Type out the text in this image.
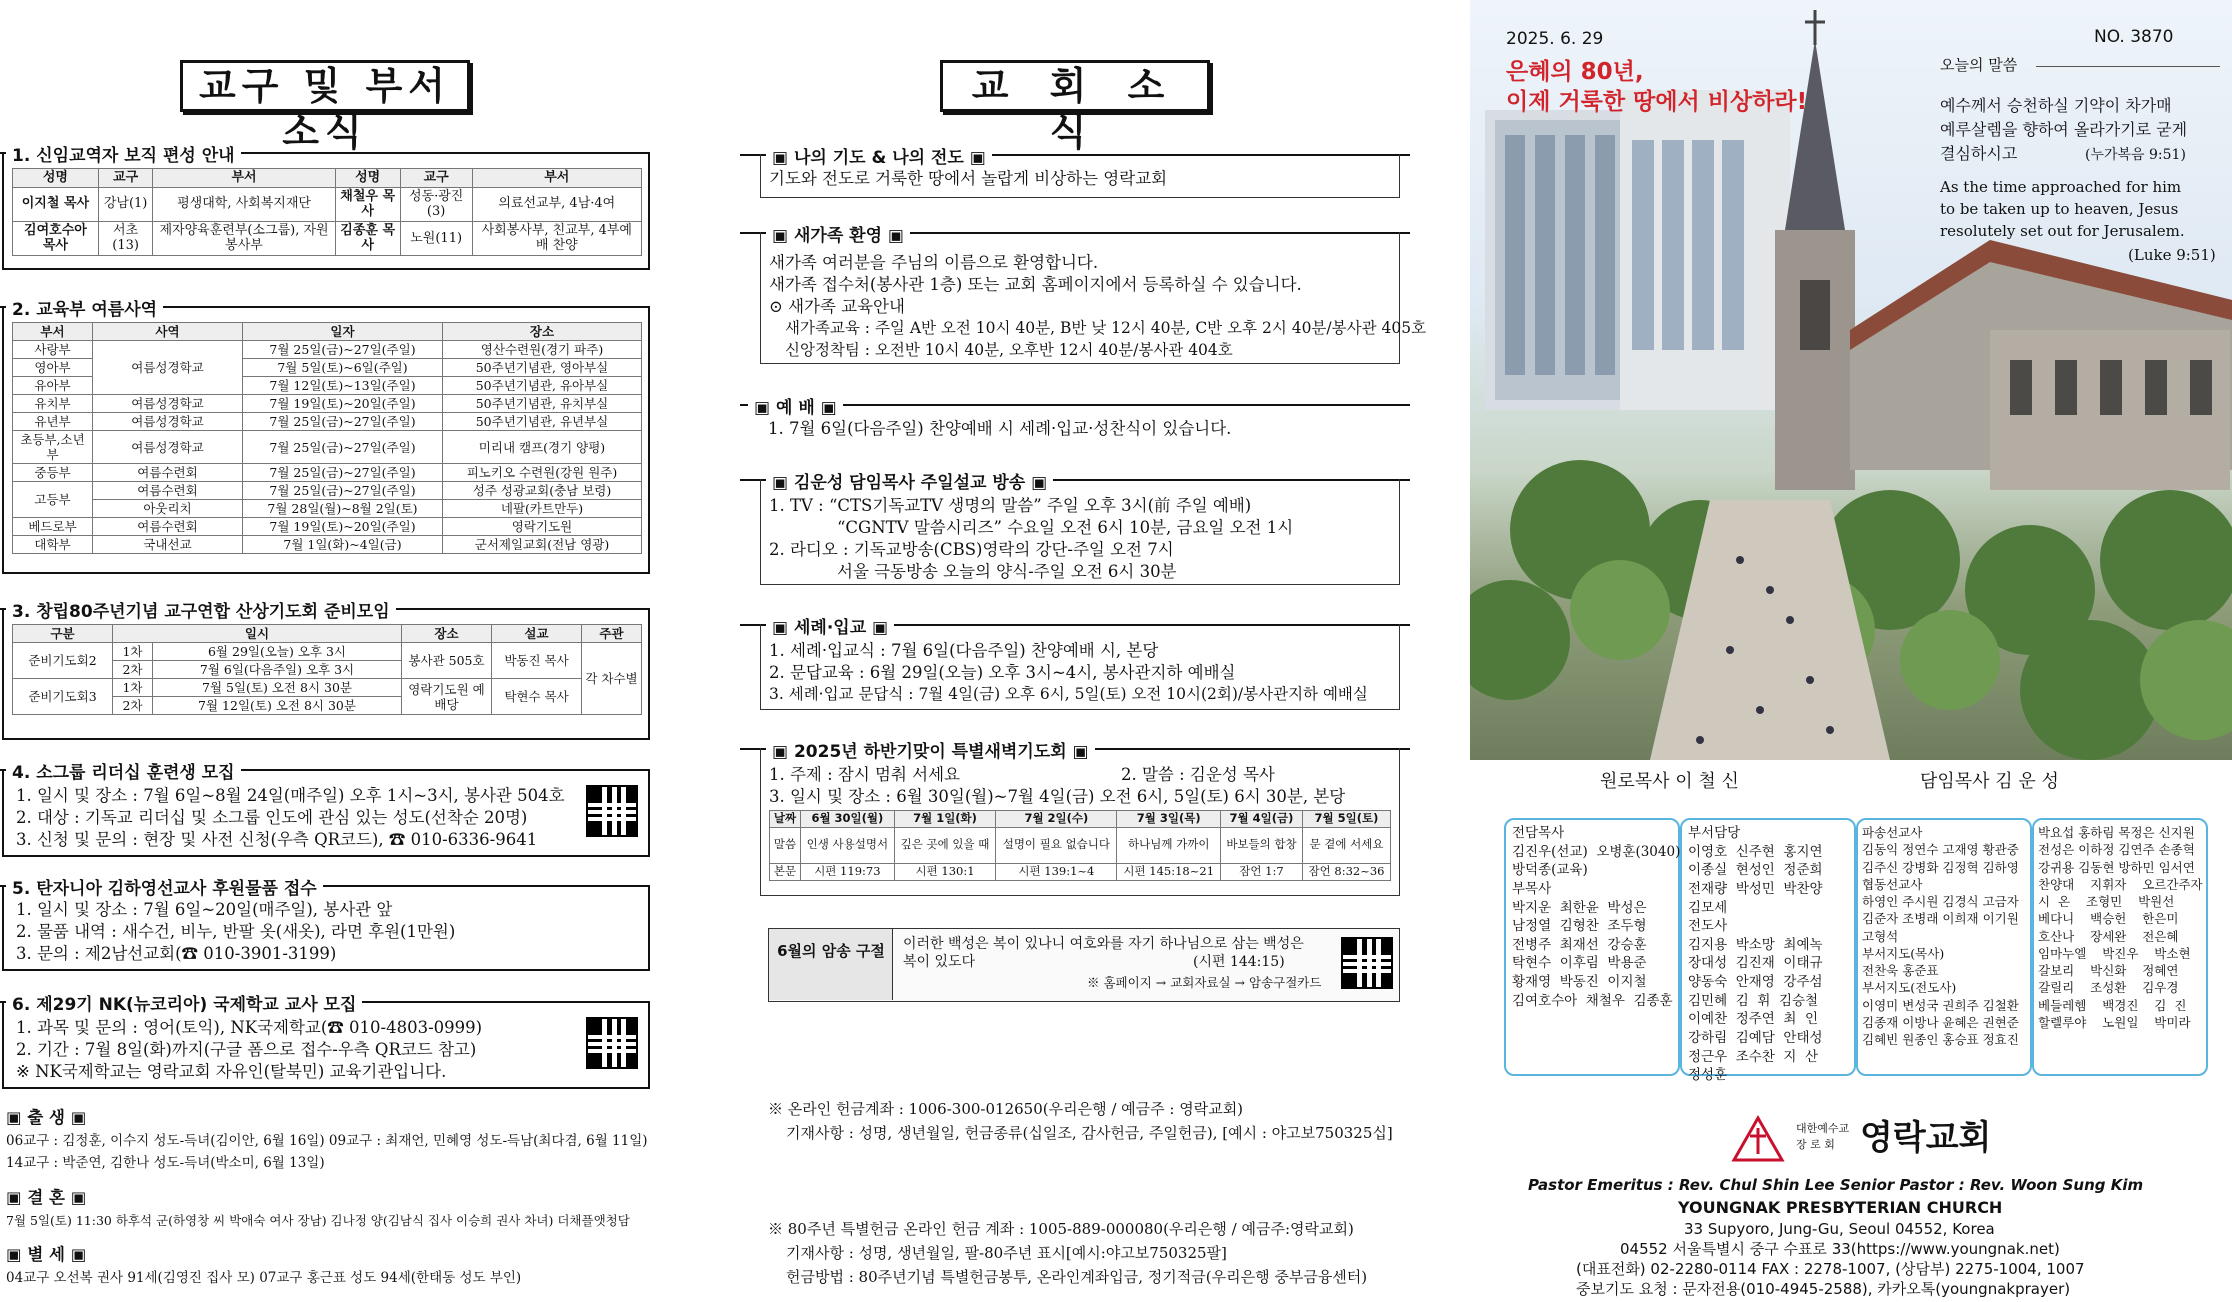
교구 및 부서소식
1. 신임교역자 보직 편성 안내
성명	교구	부서	성명	교구	부서
이지철 목사	강남(1)	평생대학, 사회복지재단	채철우 목사	성동·광진(3)	의료선교부, 4남·4여
김여호수아 목사	서초(13)	제자양육훈련부(소그룹), 자원봉사부	김종훈 목사	노원(11)	사회봉사부, 친교부, 4부예배 찬양
2. 교육부 여름사역
부서	사역	일자	장소
사랑부	여름성경학교	7월 25일(금)~27일(주일)	영산수련원(경기 파주)
영아부		7월 5일(토)~6일(주일)	50주년기념관, 영아부실
유아부		7월 12일(토)~13일(주일)	50주년기념관, 유아부실
유치부	여름성경학교	7월 19일(토)~20일(주일)	50주년기념관, 유치부실
유년부	여름성경학교	7월 25일(금)~27일(주일)	50주년기념관, 유년부실
초등부,소년부	여름성경학교	7월 25일(금)~27일(주일)	미리내 캠프(경기 양평)
중등부	여름수련회	7월 25일(금)~27일(주일)	피노키오 수련원(강원 원주)
고등부	여름수련회	7월 25일(금)~27일(주일)	성주 성광교회(충남 보령)
	아웃리치	7월 28일(월)~8월 2일(토)	네팔(카트만두)
베드로부	여름수련회	7월 19일(토)~20일(주일)	영락기도원
대학부	국내선교	7월 1일(화)~4일(금)	군서제일교회(전남 영광)
3. 창립80주년기념 교구연합 산상기도회 준비모임
구분	일시		장소	설교	주관
준비기도회2	1차	6월 29일(오늘) 오후 3시	봉사관 505호	박동진 목사	각 차수별
	2차	7월 6일(다음주일) 오후 3시			
준비기도회3	1차	7월 5일(토) 오전 8시 30분	영락기도원 예배당	탁현수 목사	
	2차	7월 12일(토) 오전 8시 30분			
4. 소그룹 리더십 훈련생 모집
1. 일시 및 장소 : 7월 6일~8월 24일(매주일) 오후 1시~3시, 봉사관 504호
2. 대상 : 기독교 리더십 및 소그룹 인도에 관심 있는 성도(선착순 20명)
3. 신청 및 문의 : 현장 및 사전 신청(우측 QR코드), ☎ 010-6336-9641
5. 탄자니아 김하영선교사 후원물품 접수
1. 일시 및 장소 : 7월 6일~20일(매주일), 봉사관 앞
2. 물품 내역 : 새수건, 비누, 반팔 옷(새옷), 라면 후원(1만원)
3. 문의 : 제2남선교회(☎ 010-3901-3199)
6. 제29기 NK(뉴코리아) 국제학교 교사 모집
1. 과목 및 문의 : 영어(토익), NK국제학교(☎ 010-4803-0999)
2. 기간 : 7월 8일(화)까지(구글 폼으로 접수-우측 QR코드 참고)
※ NK국제학교는 영락교회 자유인(탈북민) 교육기관입니다.
▣ 출 생 ▣
06교구 : 김정훈, 이수지 성도-득녀(김이안, 6월 16일) 09교구 : 최재언, 민혜영 성도-득남(최다겸, 6월 11일)
14교구 : 박준연, 김한나 성도-득녀(박소미, 6월 13일)
▣ 결 혼 ▣
7월 5일(토) 11:30 하후석 군(하영창 씨 박애숙 여사 장남) 김나정 양(김남식 집사 이승희 권사 차녀) 더채플앳청담
▣ 별 세 ▣
04교구 오선복 권사 91세(김영진 집사 모) 07교구 홍근표 성도 94세(한태동 성도 부인)
교 회 소 식
▣ 나의 기도 & 나의 전도 ▣
기도와 전도로 거룩한 땅에서 놀랍게 비상하는 영락교회
▣ 새가족 환영 ▣
새가족 여러분을 주님의 이름으로 환영합니다.
새가족 접수처(봉사관 1층) 또는 교회 홈페이지에서 등록하실 수 있습니다.
⊙ 새가족 교육안내
새가족교육 : 주일 A반 오전 10시 40분, B반 낮 12시 40분, C반 오후 2시 40분/봉사관 405호
신앙정착팀 : 오전반 10시 40분, 오후반 12시 40분/봉사관 404호
▣ 예 배 ▣
1. 7월 6일(다음주일) 찬양예배 시 세례·입교·성찬식이 있습니다.
▣ 김운성 담임목사 주일설교 방송 ▣
1. TV : “CTS기독교TV 생명의 말씀” 주일 오후 3시(前 주일 예배)
“CGNTV 말씀시리즈” 수요일 오전 6시 10분, 금요일 오전 1시
2. 라디오 : 기독교방송(CBS)영락의 강단-주일 오전 7시
서울 극동방송 오늘의 양식-주일 오전 6시 30분
▣ 세례·입교 ▣
1. 세례·입교식 : 7월 6일(다음주일) 찬양예배 시, 본당
2. 문답교육 : 6월 29일(오늘) 오후 3시~4시, 봉사관지하 예배실
3. 세례·입교 문답식 : 7월 4일(금) 오후 6시, 5일(토) 오전 10시(2회)/봉사관지하 예배실
▣ 2025년 하반기맞이 특별새벽기도회 ▣
1. 주제 : 잠시 멈춰 서세요	2. 말씀 : 김운성 목사
3. 일시 및 장소 : 6월 30일(월)~7월 4일(금) 오전 6시, 5일(토) 6시 30분, 본당
날짜	6월 30일(월)	7월 1일(화)	7월 2일(수)	7월 3일(목)	7월 4일(금)	7월 5일(토)
말씀	인생 사용설명서	깊은 곳에 있을 때	설명이 필요 없습니다	하나님께 가까이	바보들의 합창	문 곁에 서세요
본문	시편 119:73	시편 130:1	시편 139:1~4	시편 145:18~21	잠언 1:7	잠언 8:32~36
6월의 암송 구절	이러한 백성은 복이 있나니 여호와를 자기 하나님으로 삼는 백성은
복이 있도다	(시편 144:15)
※ 홈페이지 → 교회자료실 → 암송구절카드
※ 온라인 헌금계좌 : 1006-300-012650(우리은행 / 예금주 : 영락교회)
기재사항 : 성명, 생년월일, 헌금종류(십일조, 감사헌금, 주일헌금), [예시 : 야고보750325십]
※ 80주년 특별헌금 온라인 헌금 계좌 : 1005-889-000080(우리은행 / 예금주:영락교회)
기재사항 : 성명, 생년월일, 팔-80주년 표시[예시:야고보750325팔]
헌금방법 : 80주년기념 특별헌금봉투, 온라인계좌입금, 정기적금(우리은행 중부금융센터)
2025. 6. 29	NO. 3870
은혜의 80년,
이제 거룩한 땅에서 비상하라!
오늘의 말씀
예수께서 승천하실 기약이 차가매
예루살렘을 향하여 올라가기로 굳게
결심하시고	(누가복음 9:51)
As the time approached for him
to be taken up to heaven, Jesus
resolutely set out for Jerusalem.
(Luke 9:51)
원로목사 이 철 신	담임목사 김 운 성
전담목사
김진우(선교)  오병훈(3040)
방덕종(교육)
부목사
박지운  최한윤  박성은
남정열  김형찬  조두형
전병주  최재선  강승훈
탁현수  이후림  박용준
황재영  박동진  이지철
김여호수아  채철우  김종훈
부서담당
이영호  신주현  홍지연
이종실  현성인  정준희
전재량  박성민  박찬양
김모세
전도사
김지용  박소망  최예녹
장대성  김진재  이태규
양동숙  안재영  강주섬
김민혜  김  휘  김승철
이예찬  정주연  최  인
강하림  김예담  안태성
정근우  조수찬  지  산
정성훈
파송선교사
김동익 정연수 고재영 황관중
김주신 강병화 김정혁 김하영
협동선교사
하영인 주시원 김경식 고금자
김준자 조병래 이희재 이기원
고형석
부서지도(목사)
전찬욱 홍준표
부서지도(전도사)
이영미 변성국 권희주 김철환
김종재 이방나 윤혜은 권현준
김혜빈 원종인 홍승표 정효진
박요섭 홍하림 목정은 신지원
전성은 이하정 김연주 손종혁
강귀용 김동현 방하민 임서연
찬양대    지휘자    오르간주자
시  온    조형민    박원선
베다니    백승헌    한은미
호산나    장세완    전은혜
임마누엘    박진우    박소현
갈보리    박신화    정혜연
갈릴리    조성환    김우경
베들레헴    백경진    김  진
할렐루야    노원일    박미라
대한예수교
장 로 회 영락교회
Pastor Emeritus : Rev. Chul Shin Lee Senior Pastor : Rev. Woon Sung Kim
YOUNGNAK PRESBYTERIAN CHURCH
33 Supyoro, Jung-Gu, Seoul 04552, Korea
04552 서울특별시 중구 수표로 33(https://www.youngnak.net)
(대표전화) 02-2280-0114 FAX : 2278-1007, (상담부) 2275-1004, 1007
중보기도 요청 : 문자전용(010-4945-2588), 카카오톡(youngnakprayer)
